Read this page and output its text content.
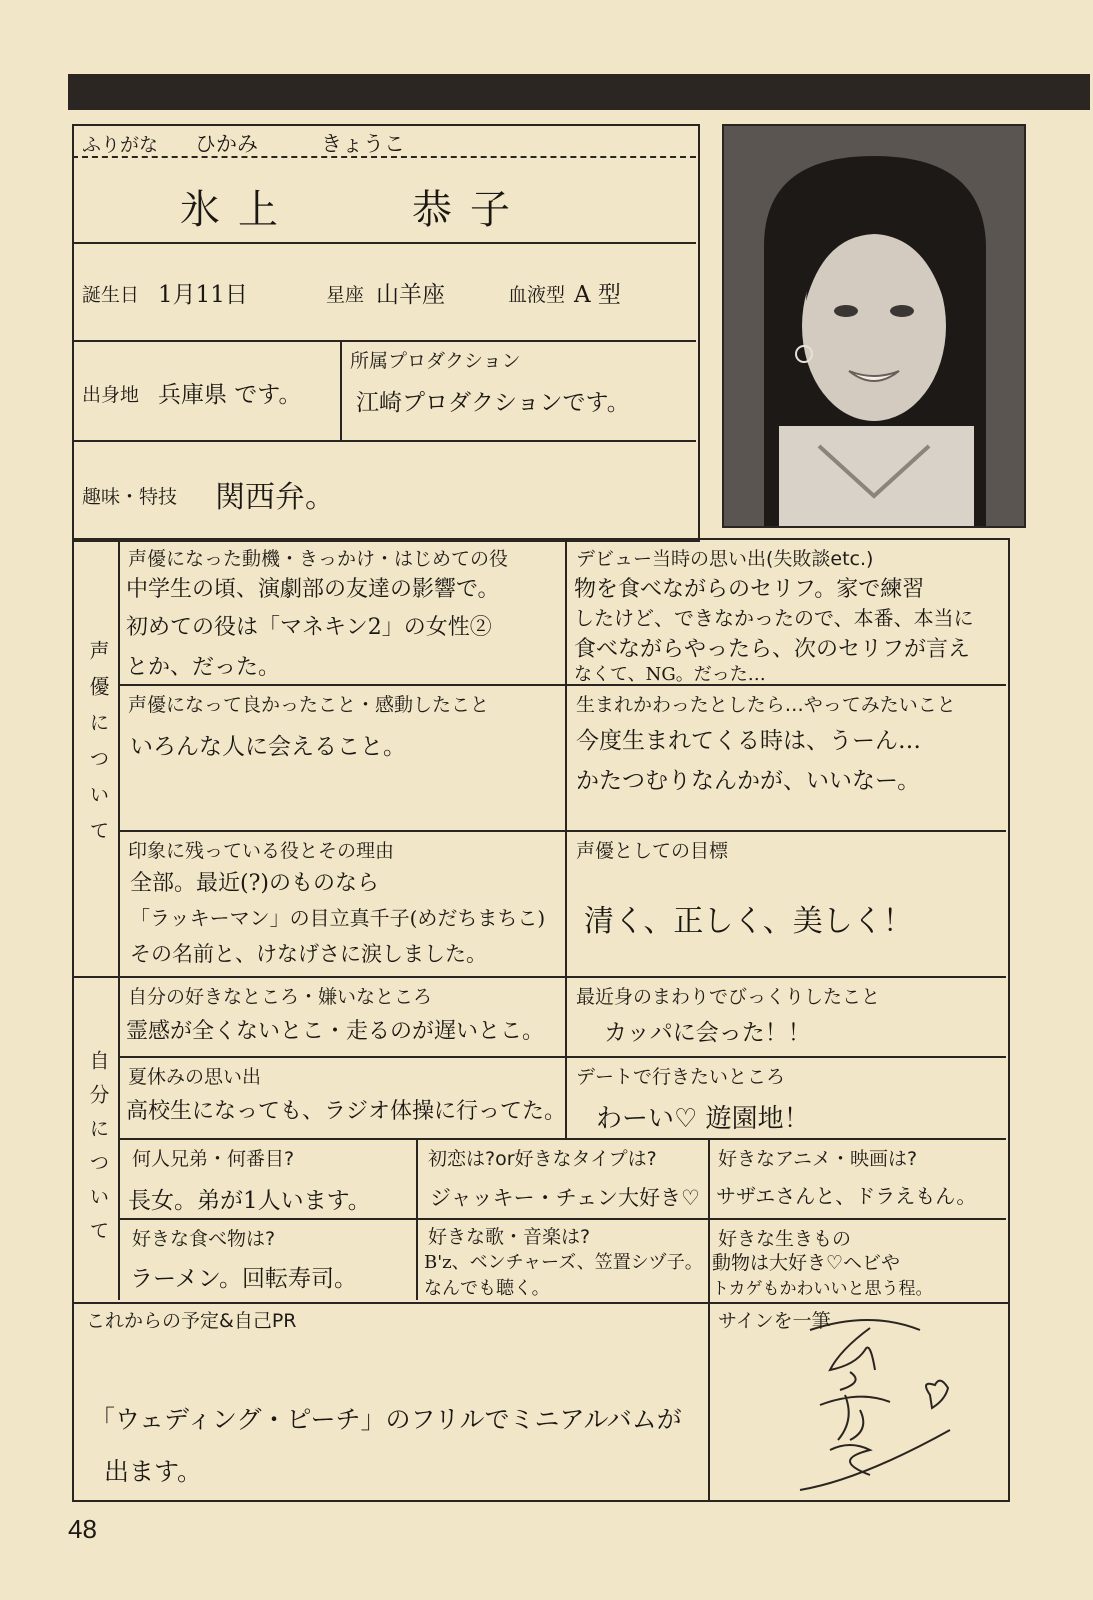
ふりがな ひかみ　　　きょうこ
氷上　　恭子
誕生日 1月11日	星座 山羊座	血液型 A 型
出身地 兵庫県 です。
所属プロダクション
江崎プロダクションです。
趣味・特技 関西弁。
声優について
自分について
声優になった動機・きっかけ・はじめての役
中学生の頃、演劇部の友達の影響で。
初めての役は「マネキン2」の女性②
とか、だった。
デビュー当時の思い出(失敗談etc.)
物を食べながらのセリフ。家で練習
したけど、できなかったので、本番、本当に
食べながらやったら、次のセリフが言え
なくて、NG。だった…
声優になって良かったこと・感動したこと
いろんな人に会えること。
生まれかわったとしたら…やってみたいこと
今度生まれてくる時は、うーん…
かたつむりなんかが、いいなー。
印象に残っている役とその理由
全部。最近(?)のものなら
「ラッキーマン」の目立真千子(めだちまちこ)
その名前と、けなげさに涙しました。
声優としての目標
清く、正しく、美しく！
自分の好きなところ・嫌いなところ
霊感が全くないとこ・走るのが遅いとこ。
最近身のまわりでびっくりしたこと
カッパに会った！！
夏休みの思い出
高校生になっても、ラジオ体操に行ってた。
デートで行きたいところ
わーい♡ 遊園地！
何人兄弟・何番目?
長女。弟が1人います。
初恋は?or好きなタイプは?
ジャッキー・チェン大好き♡
好きなアニメ・映画は?
サザエさんと、ドラえもん。
好きな食べ物は?
ラーメン。回転寿司。
好きな歌・音楽は?
B'z、ベンチャーズ、笠置シヅ子。
なんでも聴く。
好きな生きもの
動物は大好き♡ヘビや
トカゲもかわいいと思う程。
これからの予定&自己PR
「ウェディング・ピーチ」のフリルでミニアルバムが
出ます。
サインを一筆
48
